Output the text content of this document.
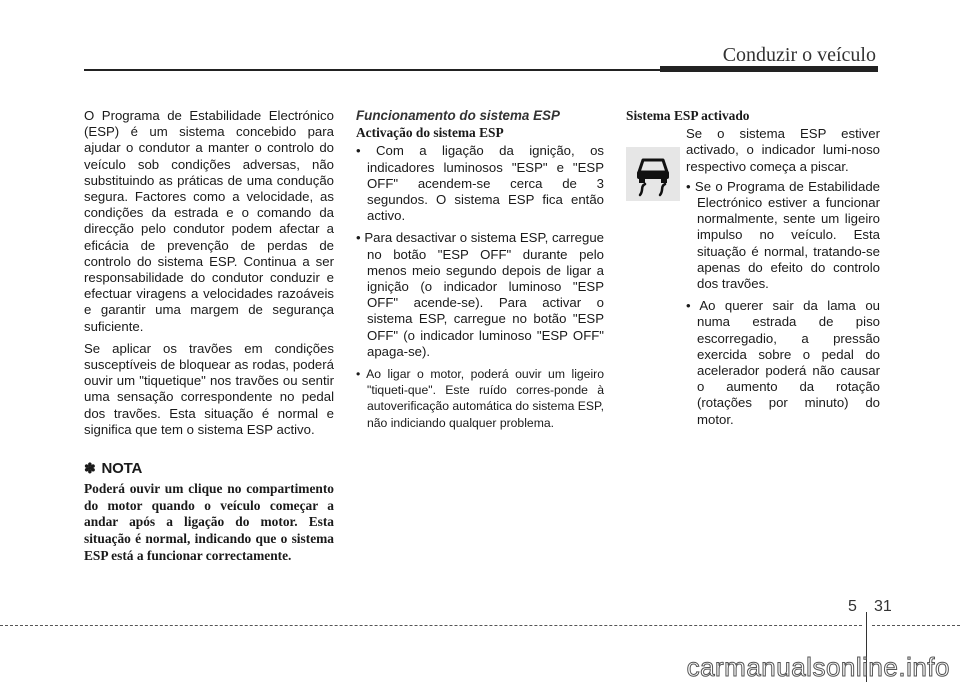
Conduzir o veículo

O Programa de Estabilidade Electrónico (ESP) é um sistema concebido para ajudar o condutor a manter o controlo do veículo sob condições adversas, não substituindo as práticas de uma condução segura. Factores como a velocidade, as condições da estrada e o comando da direcção pelo condutor podem afectar a eficácia de prevenção de perdas de controlo do sistema ESP. Continua a ser responsabilidade do condutor conduzir e efectuar viragens a velocidades razoáveis e garantir uma margem de segurança suficiente.

Se aplicar os travões em condições susceptíveis de bloquear as rodas, poderá ouvir um "tiquetique" nos travões ou sentir uma sensação correspondente no pedal dos travões. Esta situação é normal e significa que tem o sistema ESP activo.

✽ NOTA

Poderá ouvir um clique no compartimento do motor quando o veículo começar a andar após a ligação do motor. Esta situação é normal, indicando que o sistema ESP está a funcionar correctamente.

Funcionamento do sistema ESP

Activação do sistema ESP

• Com a ligação da ignição, os indicadores luminosos "ESP" e "ESP OFF" acendem-se cerca de 3 segundos. O sistema ESP fica então activo.

• Para desactivar o sistema ESP, carregue no botão "ESP OFF" durante pelo menos meio segundo depois de ligar a ignição (o indicador luminoso "ESP OFF" acende-se). Para activar o sistema ESP, carregue no botão "ESP OFF" (o indicador luminoso "ESP OFF" apaga-se).

• Ao ligar o motor, poderá ouvir um ligeiro "tiqueti-que". Este ruído corres-ponde à autoverificação automática do sistema ESP, não indiciando qualquer problema.

Sistema ESP activado

Se o sistema ESP estiver activado, o indicador lumi-noso respectivo começa a piscar.

• Se o Programa de Estabilidade Electrónico estiver a funcionar normalmente, sente um ligeiro impulso no veículo. Esta situação é normal, tratando-se apenas do efeito do controlo dos travões.

• Ao querer sair da lama ou numa estrada de piso escorregadio, a pressão exercida sobre o pedal do acelerador poderá não causar o aumento da rotação (rotações por minuto) do motor.

5 31
carmanualsonline.info
